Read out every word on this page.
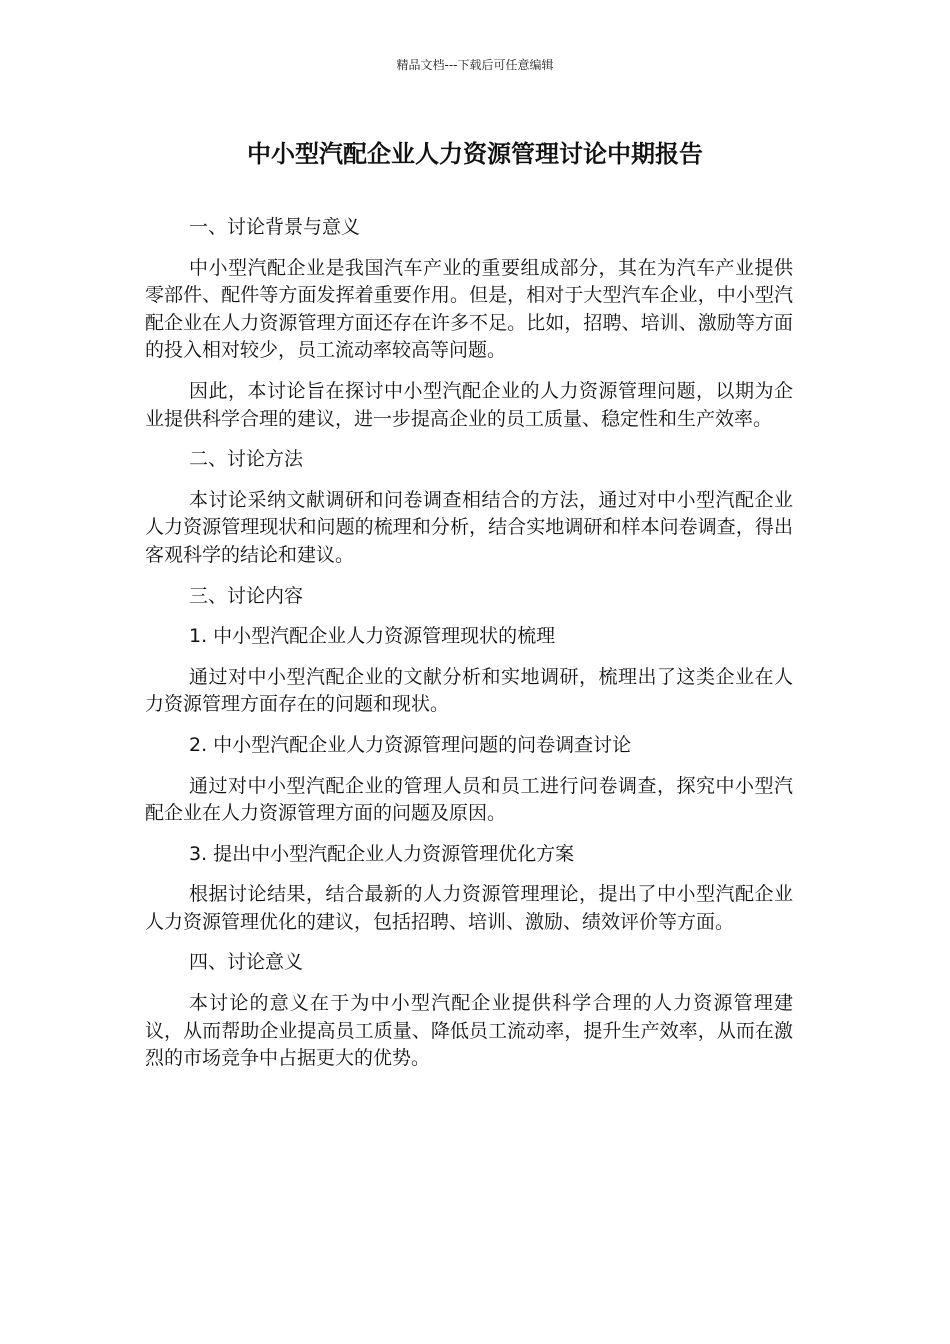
精品文档---下载后可任意编辑
中小型汽配企业人力资源管理讨论中期报告
一、讨论背景与意义

中小型汽配企业是我国汽车产业的重要组成部分，其在为汽车产业提供零部件、配件等方面发挥着重要作用。但是，相对于大型汽车企业，中小型汽配企业在人力资源管理方面还存在许多不足。比如，招聘、培训、激励等方面的投入相对较少，员工流动率较高等问题。

因此，本讨论旨在探讨中小型汽配企业的人力资源管理问题，以期为企业提供科学合理的建议，进一步提高企业的员工质量、稳定性和生产效率。

二、讨论方法

本讨论采纳文献调研和问卷调查相结合的方法，通过对中小型汽配企业人力资源管理现状和问题的梳理和分析，结合实地调研和样本问卷调查，得出客观科学的结论和建议。

三、讨论内容
1. 中小型汽配企业人力资源管理现状的梳理

通过对中小型汽配企业的文献分析和实地调研，梳理出了这类企业在人力资源管理方面存在的问题和现状。

2. 中小型汽配企业人力资源管理问题的问卷调查讨论

通过对中小型汽配企业的管理人员和员工进行问卷调查，探究中小型汽配企业在人力资源管理方面的问题及原因。

3. 提出中小型汽配企业人力资源管理优化方案

根据讨论结果，结合最新的人力资源管理理论，提出了中小型汽配企业人力资源管理优化的建议，包括招聘、培训、激励、绩效评价等方面。

四、讨论意义

本讨论的意义在于为中小型汽配企业提供科学合理的人力资源管理建议，从而帮助企业提高员工质量、降低员工流动率，提升生产效率，从而在激烈的市场竞争中占据更大的优势。
